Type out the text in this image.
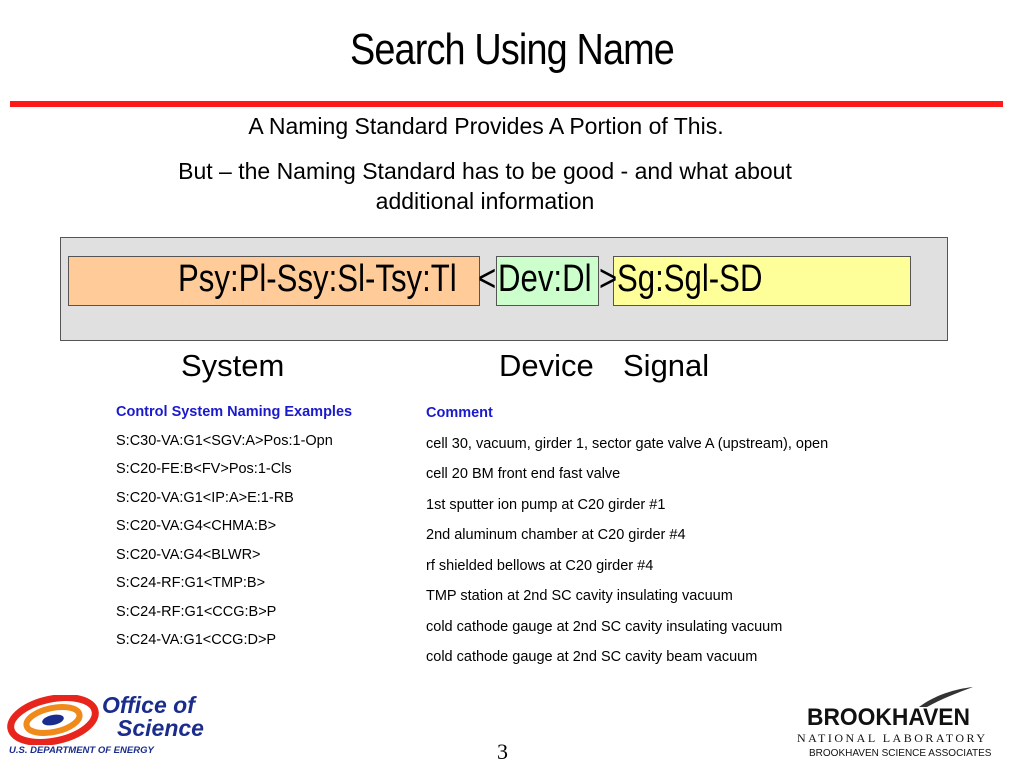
Search Using Name
A Naming Standard Provides A Portion of This.
But – the Naming Standard has to be good - and what about additional information
Psy:Pl-Ssy:Sl-Tsy:Tl < Dev:Dl > Sg:Sgl-SD
System	Device Signal
Control System Naming Examples
S:C30-VA:G1<SGV:A>Pos:1-Opn
S:C20-FE:B<FV>Pos:1-Cls
S:C20-VA:G1<IP:A>E:1-RB
S:C20-VA:G4<CHMA:B>
S:C20-VA:G4<BLWR>
S:C24-RF:G1<TMP:B>
S:C24-RF:G1<CCG:B>P
S:C24-VA:G1<CCG:D>P
Comment
cell 30, vacuum, girder 1, sector gate valve A (upstream), open
cell 20 BM front end fast valve
1st sputter ion pump at C20 girder #1
2nd aluminum chamber at C20 girder #4
rf shielded bellows at C20 girder #4
TMP station at 2nd SC cavity insulating vacuum
cold cathode gauge at 2nd SC cavity insulating vacuum
cold cathode gauge at 2nd SC cavity beam vacuum
Office of
Science
U.S. DEPARTMENT OF ENERGY	3
BROOKHAVEN
NATIONAL LABORATORY
BROOKHAVEN SCIENCE ASSOCIATES
